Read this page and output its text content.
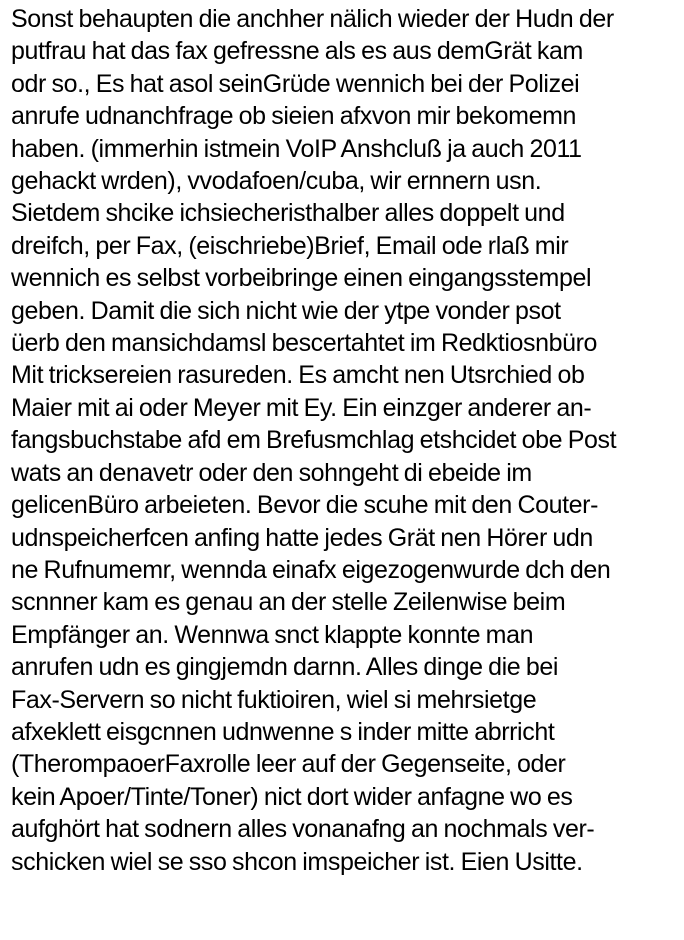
Sonst behaupten die anchher nälich wieder der Hudn der
putfrau hat das fax gefressne als es aus demGrät kam
odr so., Es hat asol seinGrüde wennich bei der Polizei
anrufe udnanchfrage ob sieien afxvon mir bekomemn
haben. (immerhin istmein VoIP Anshcluß ja auch 2011
gehackt wrden), vvodafoen/cuba, wir ernnern usn.
Sietdem shcike ichsiecheristhalber alles doppelt und
dreifch, per Fax, (eischriebe)Brief, Email ode rlaß mir
wennich es selbst vorbeibringe einen eingangsstempel
geben. Damit die sich nicht wie der ytpe vonder psot
üerb den mansichdamsl bescertahtet im Redktiosnbüro
Mit tricksereien rasureden. Es amcht nen Utsrchied ob
Maier mit ai oder Meyer mit Ey. Ein einzger anderer an-
fangsbuchstabe afd em Brefusmchlag etshcidet obe Post
wats an denavetr oder den sohngeht di ebeide im
gelicenBüro arbeieten. Bevor die scuhe mit den Couter-
udnspeicherfcen anfing hatte jedes Grät nen Hörer udn
ne Rufnumemr, wennda einafx eigezogenwurde dch den
scnnner kam es genau an der stelle Zeilenwise beim
Empfänger an. Wennwa snct klappte konnte man
anrufen udn es gingjemdn darnn. Alles dinge die bei
Fax-Servern so nicht fuktioiren, wiel si mehrsietge
afxeklett eisgcnnen udnwenne s inder mitte abrricht
(TherompaoerFaxrolle leer auf der Gegenseite, oder
kein Apoer/Tinte/Toner) nict dort wider anfagne wo es
aufghört hat sodnern alles vonanafng an nochmals ver-
schicken wiel se sso shcon imspeicher ist. Eien Usitte.
